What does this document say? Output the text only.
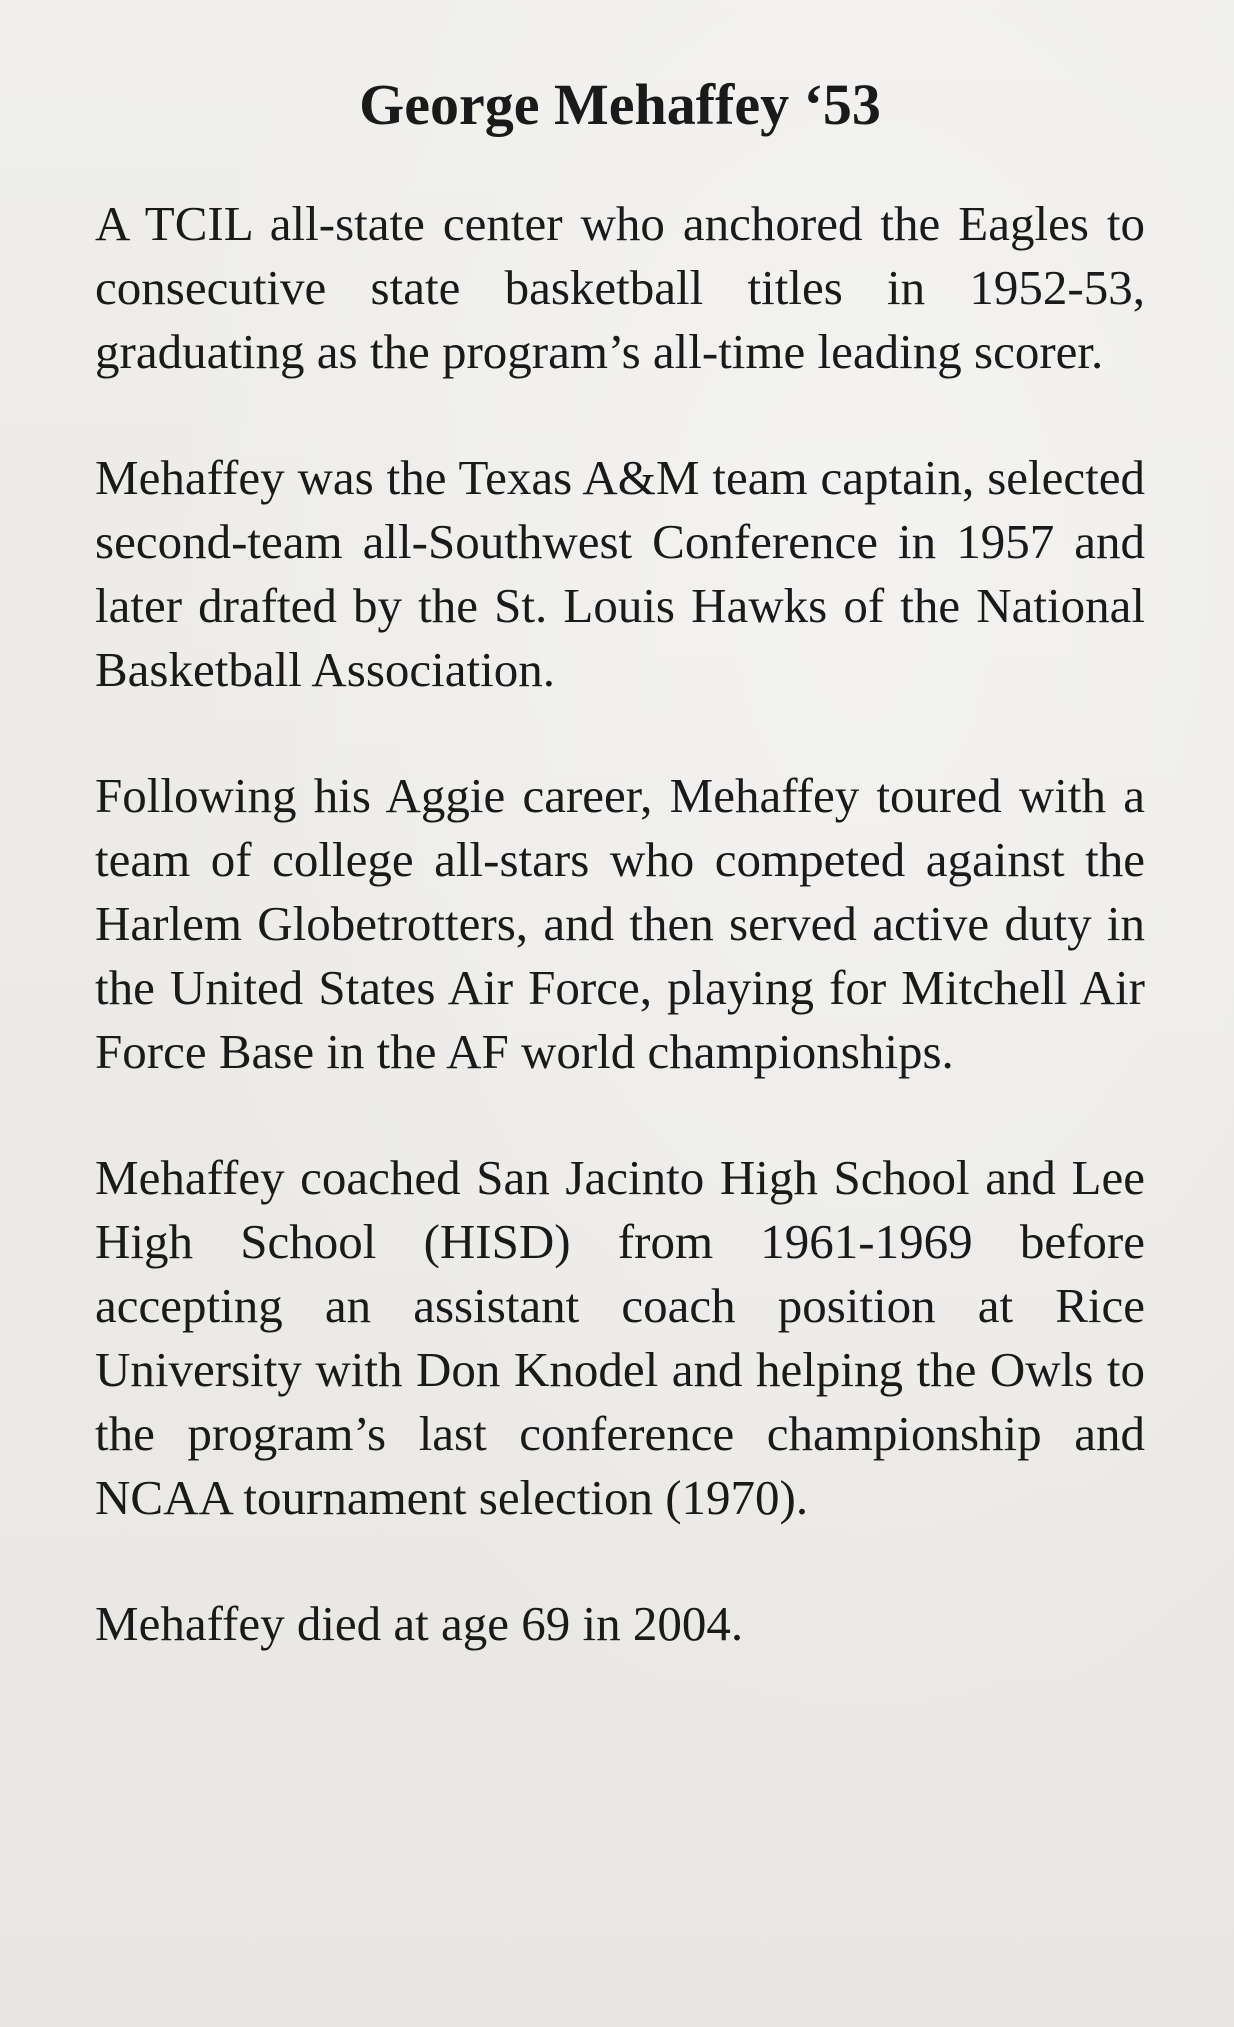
George Mehaffey ‘53

A TCIL all-state center who anchored the Eagles to consecutive state basketball titles in 1952-53, graduating as the program’s all-time leading scorer.

Mehaffey was the Texas A&M team captain, selected second-team all-Southwest Conference in 1957 and later drafted by the St. Louis Hawks of the National Basketball Association.

Following his Aggie career, Mehaffey toured with a team of college all-stars who competed against the Harlem Globetrotters, and then served active duty in the United States Air Force, playing for Mitchell Air Force Base in the AF world championships.

Mehaffey coached San Jacinto High School and Lee High School (HISD) from 1961-1969 before accepting an assistant coach position at Rice University with Don Knodel and helping the Owls to the program’s last conference championship and NCAA tournament selection (1970).

Mehaffey died at age 69 in 2004.
